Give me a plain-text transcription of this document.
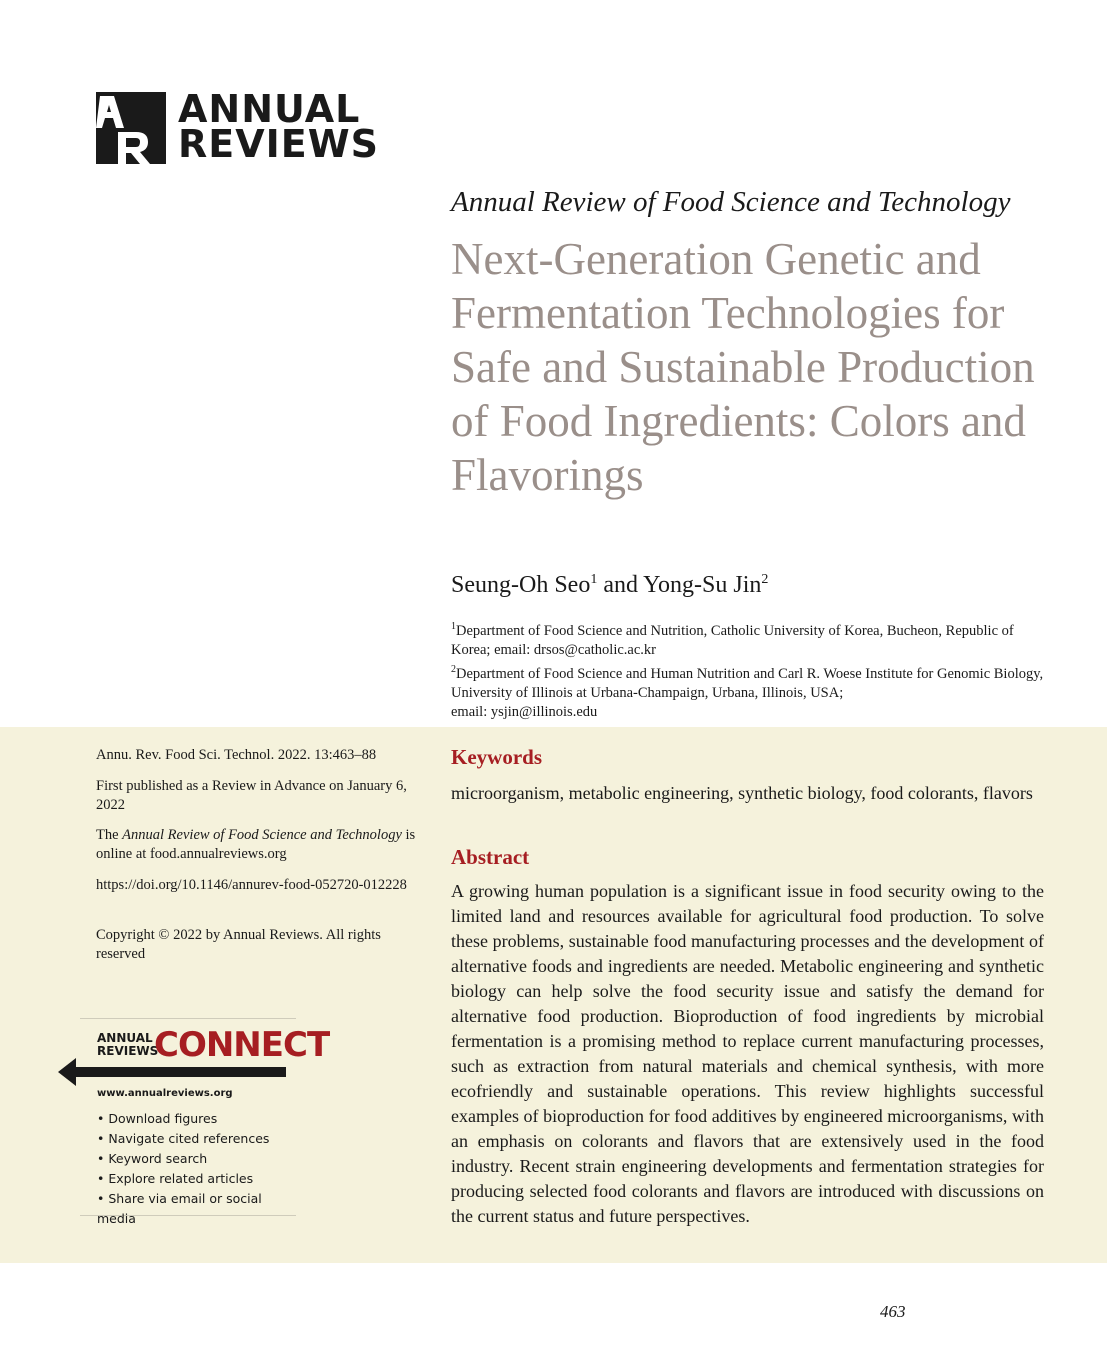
ANNUAL
REVIEWS
Annual Review of Food Science and Technology
Next-Generation Genetic and Fermentation Technologies for Safe and Sustainable Production of Food Ingredients: Colors and Flavorings
Seung-Oh Seo$^1$ and Yong-Su Jin$^2$
$^1$Department of Food Science and Nutrition, Catholic University of Korea, Bucheon, Republic of Korea; email: drsos@catholic.ac.kr
$^2$Department of Food Science and Human Nutrition and Carl R. Woese Institute for Genomic Biology, University of Illinois at Urbana-Champaign, Urbana, Illinois, USA;
email: ysjin@illinois.edu
Annu. Rev. Food Sci. Technol. 2022. 13:463–88
First published as a Review in Advance on January 6, 2022
The Annual Review of Food Science and Technology is online at food.annualreviews.org
https://doi.org/10.1146/annurev-food-052720-012228
Copyright © 2022 by Annual Reviews. All rights reserved
ANNUAL
REVIEWS
CONNECT
www.annualreviews.org
• Download figures
• Navigate cited references
• Keyword search
• Explore related articles
• Share via email or social media
Keywords
microorganism, metabolic engineering, synthetic biology, food colorants, flavors
Abstract
A growing human population is a significant issue in food security owing to the limited land and resources available for agricultural food production. To solve these problems, sustainable food manufacturing processes and the development of alternative foods and ingredients are needed. Metabolic engineering and synthetic biology can help solve the food security issue and satisfy the demand for alternative food production. Bioproduction of food ingredients by microbial fermentation is a promising method to replace current manufacturing processes, such as extraction from natural materials and chemical synthesis, with more ecofriendly and sustainable operations. This review highlights successful examples of bioproduction for food additives by engineered microorganisms, with an emphasis on colorants and flavors that are extensively used in the food industry. Recent strain engineering developments and fermentation strategies for producing selected food colorants and flavors are introduced with discussions on the current status and future perspectives.
463
